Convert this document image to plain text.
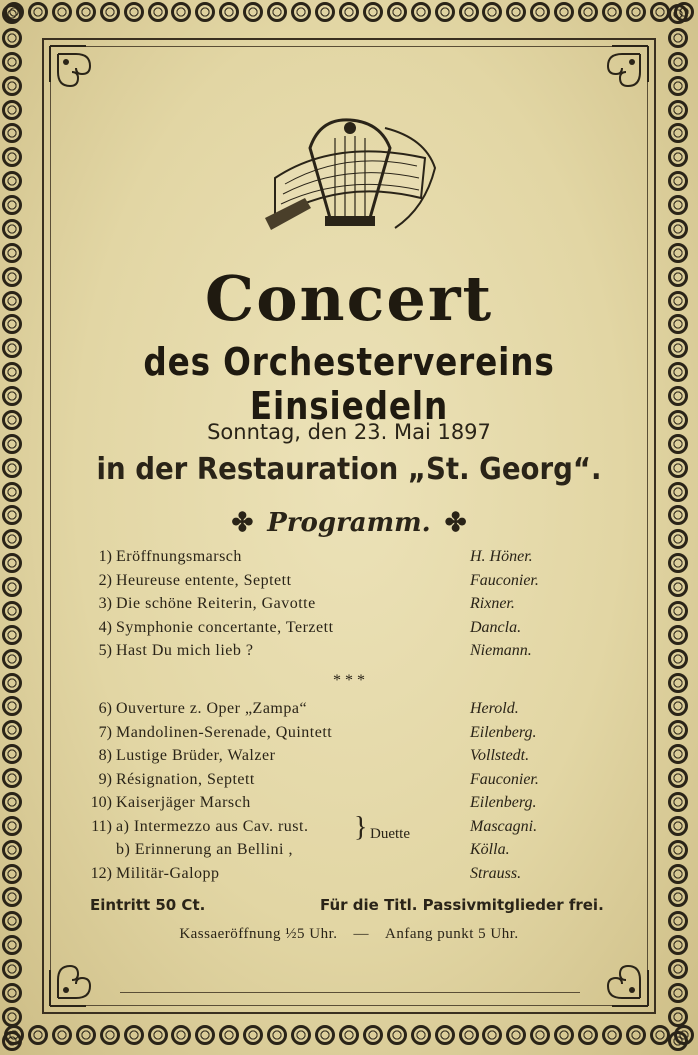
Concert
des Orchestervereins Einsiedeln
Sonntag, den 23. Mai 1897
in der Restauration „St. Georg“.
✤ Programm. ✤
1) Eröffnungsmarsch	H. Höner.
2) Heureuse entente, Septett	Fauconier.
3) Die schöne Reiterin, Gavotte	Rixner.
4) Symphonie concertante, Terzett	Dancla.
5) Hast Du mich lieb ?	Niemann.
* * *
6) Ouverture z. Oper „Zampa“	Herold.
7) Mandolinen-Serenade, Quintett	Eilenberg.
8) Lustige Brüder, Walzer	Vollstedt.
9) Résignation, Septett	Fauconier.
10) Kaiserjäger Marsch	Eilenberg.
11) a) Intermezzo aus Cav. rust.	Mascagni.
b) Erinnerung an Bellini ,	Kölla.
12) Militär-Galopp	Strauss.
} Duette
Eintritt 50 Ct.	Für die Titl. Passivmitglieder frei.
Kassaeröffnung ½5 Uhr. — Anfang punkt 5 Uhr.
